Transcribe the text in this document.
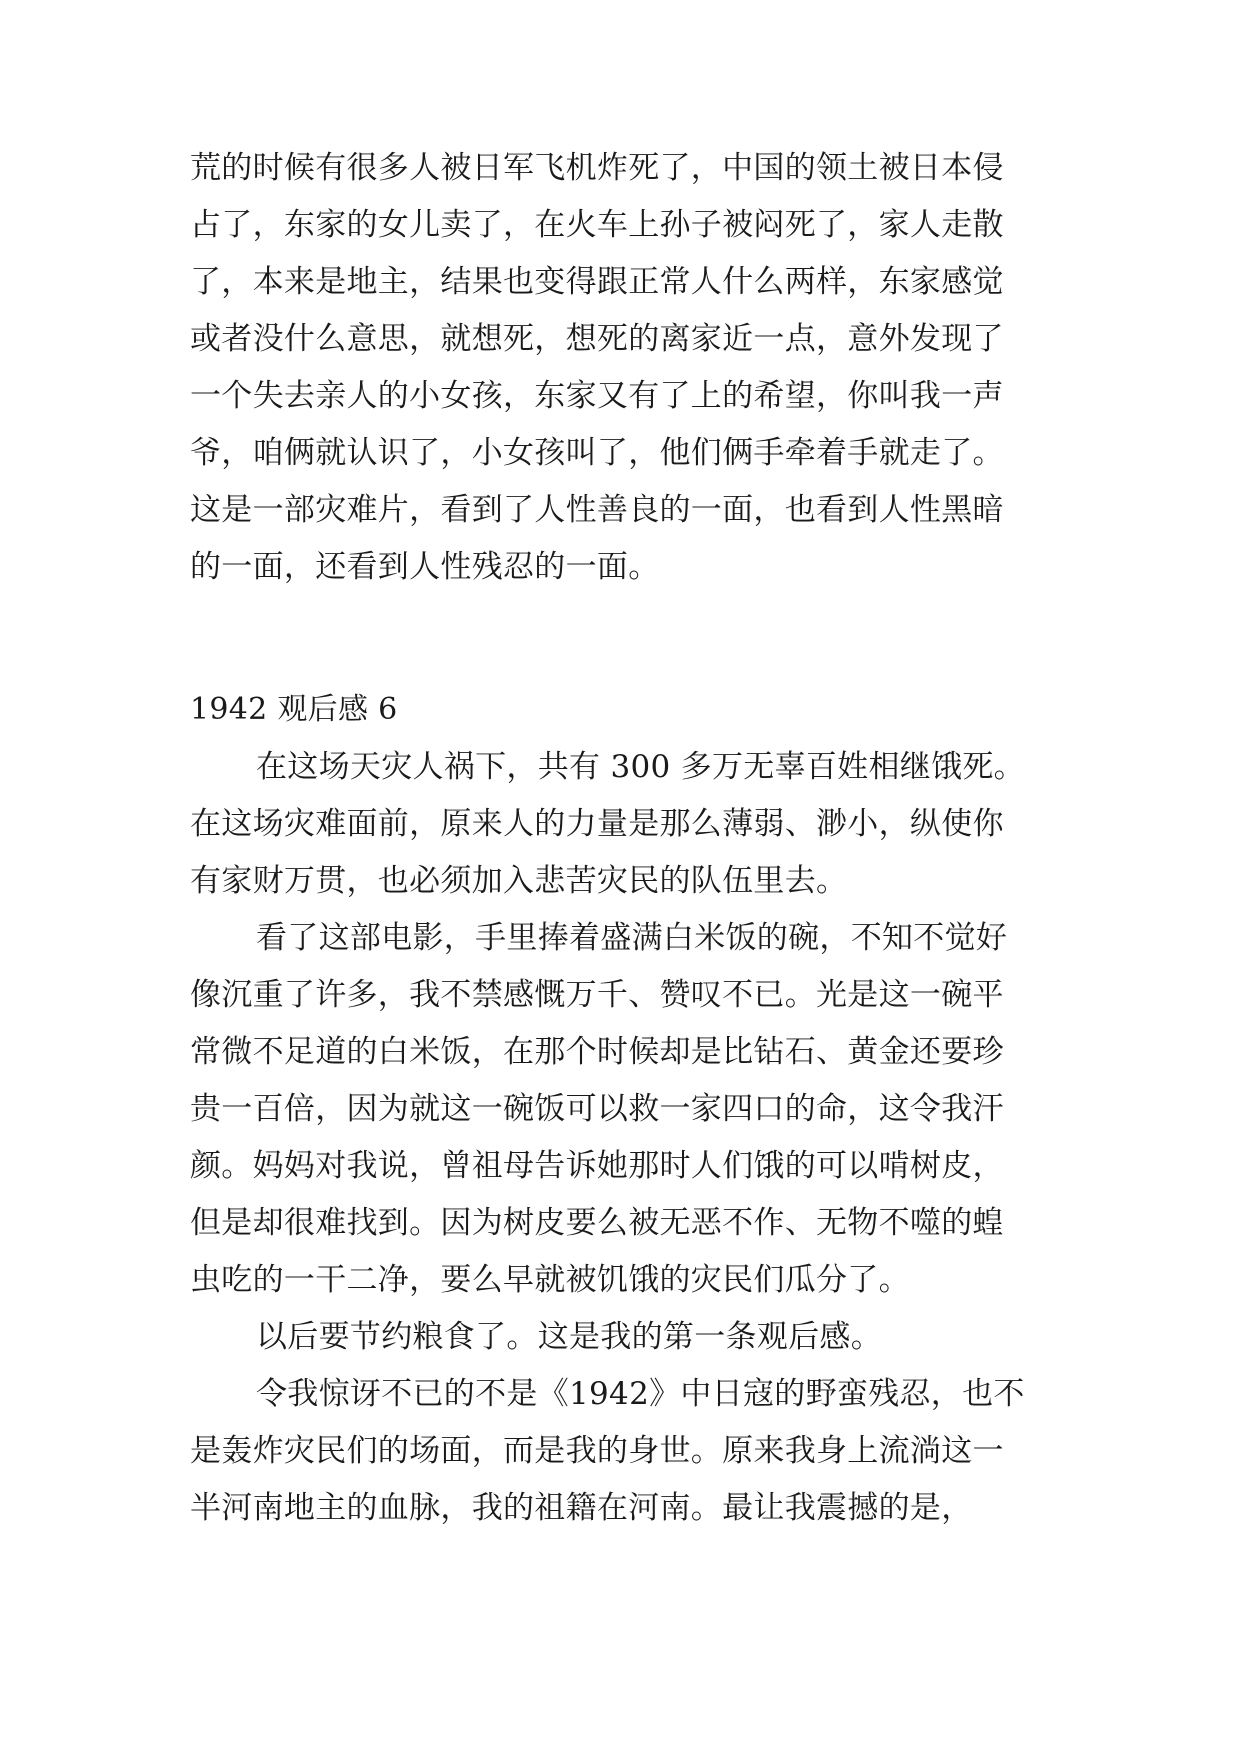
荒的时候有很多人被日军飞机炸死了，中国的领土被日本侵
占了，东家的女儿卖了，在火车上孙子被闷死了，家人走散
了，本来是地主，结果也变得跟正常人什么两样，东家感觉
或者没什么意思，就想死，想死的离家近一点，意外发现了
一个失去亲人的小女孩，东家又有了上的希望，你叫我一声
爷，咱俩就认识了，小女孩叫了，他们俩手牵着手就走了。
这是一部灾难片，看到了人性善良的一面，也看到人性黑暗
的一面，还看到人性残忍的一面。
1942 观后感 6
在这场天灾人祸下，共有 300 多万无辜百姓相继饿死。
在这场灾难面前，原来人的力量是那么薄弱、渺小，纵使你
有家财万贯，也必须加入悲苦灾民的队伍里去。
看了这部电影，手里捧着盛满白米饭的碗，不知不觉好
像沉重了许多，我不禁感慨万千、赞叹不已。光是这一碗平
常微不足道的白米饭，在那个时候却是比钻石、黄金还要珍
贵一百倍，因为就这一碗饭可以救一家四口的命，这令我汗
颜。妈妈对我说，曾祖母告诉她那时人们饿的可以啃树皮，
但是却很难找到。因为树皮要么被无恶不作、无物不噬的蝗
虫吃的一干二净，要么早就被饥饿的灾民们瓜分了。
以后要节约粮食了。这是我的第一条观后感。
令我惊讶不已的不是《1942》中日寇的野蛮残忍，也不
是轰炸灾民们的场面，而是我的身世。原来我身上流淌这一
半河南地主的血脉，我的祖籍在河南。最让我震撼的是，
